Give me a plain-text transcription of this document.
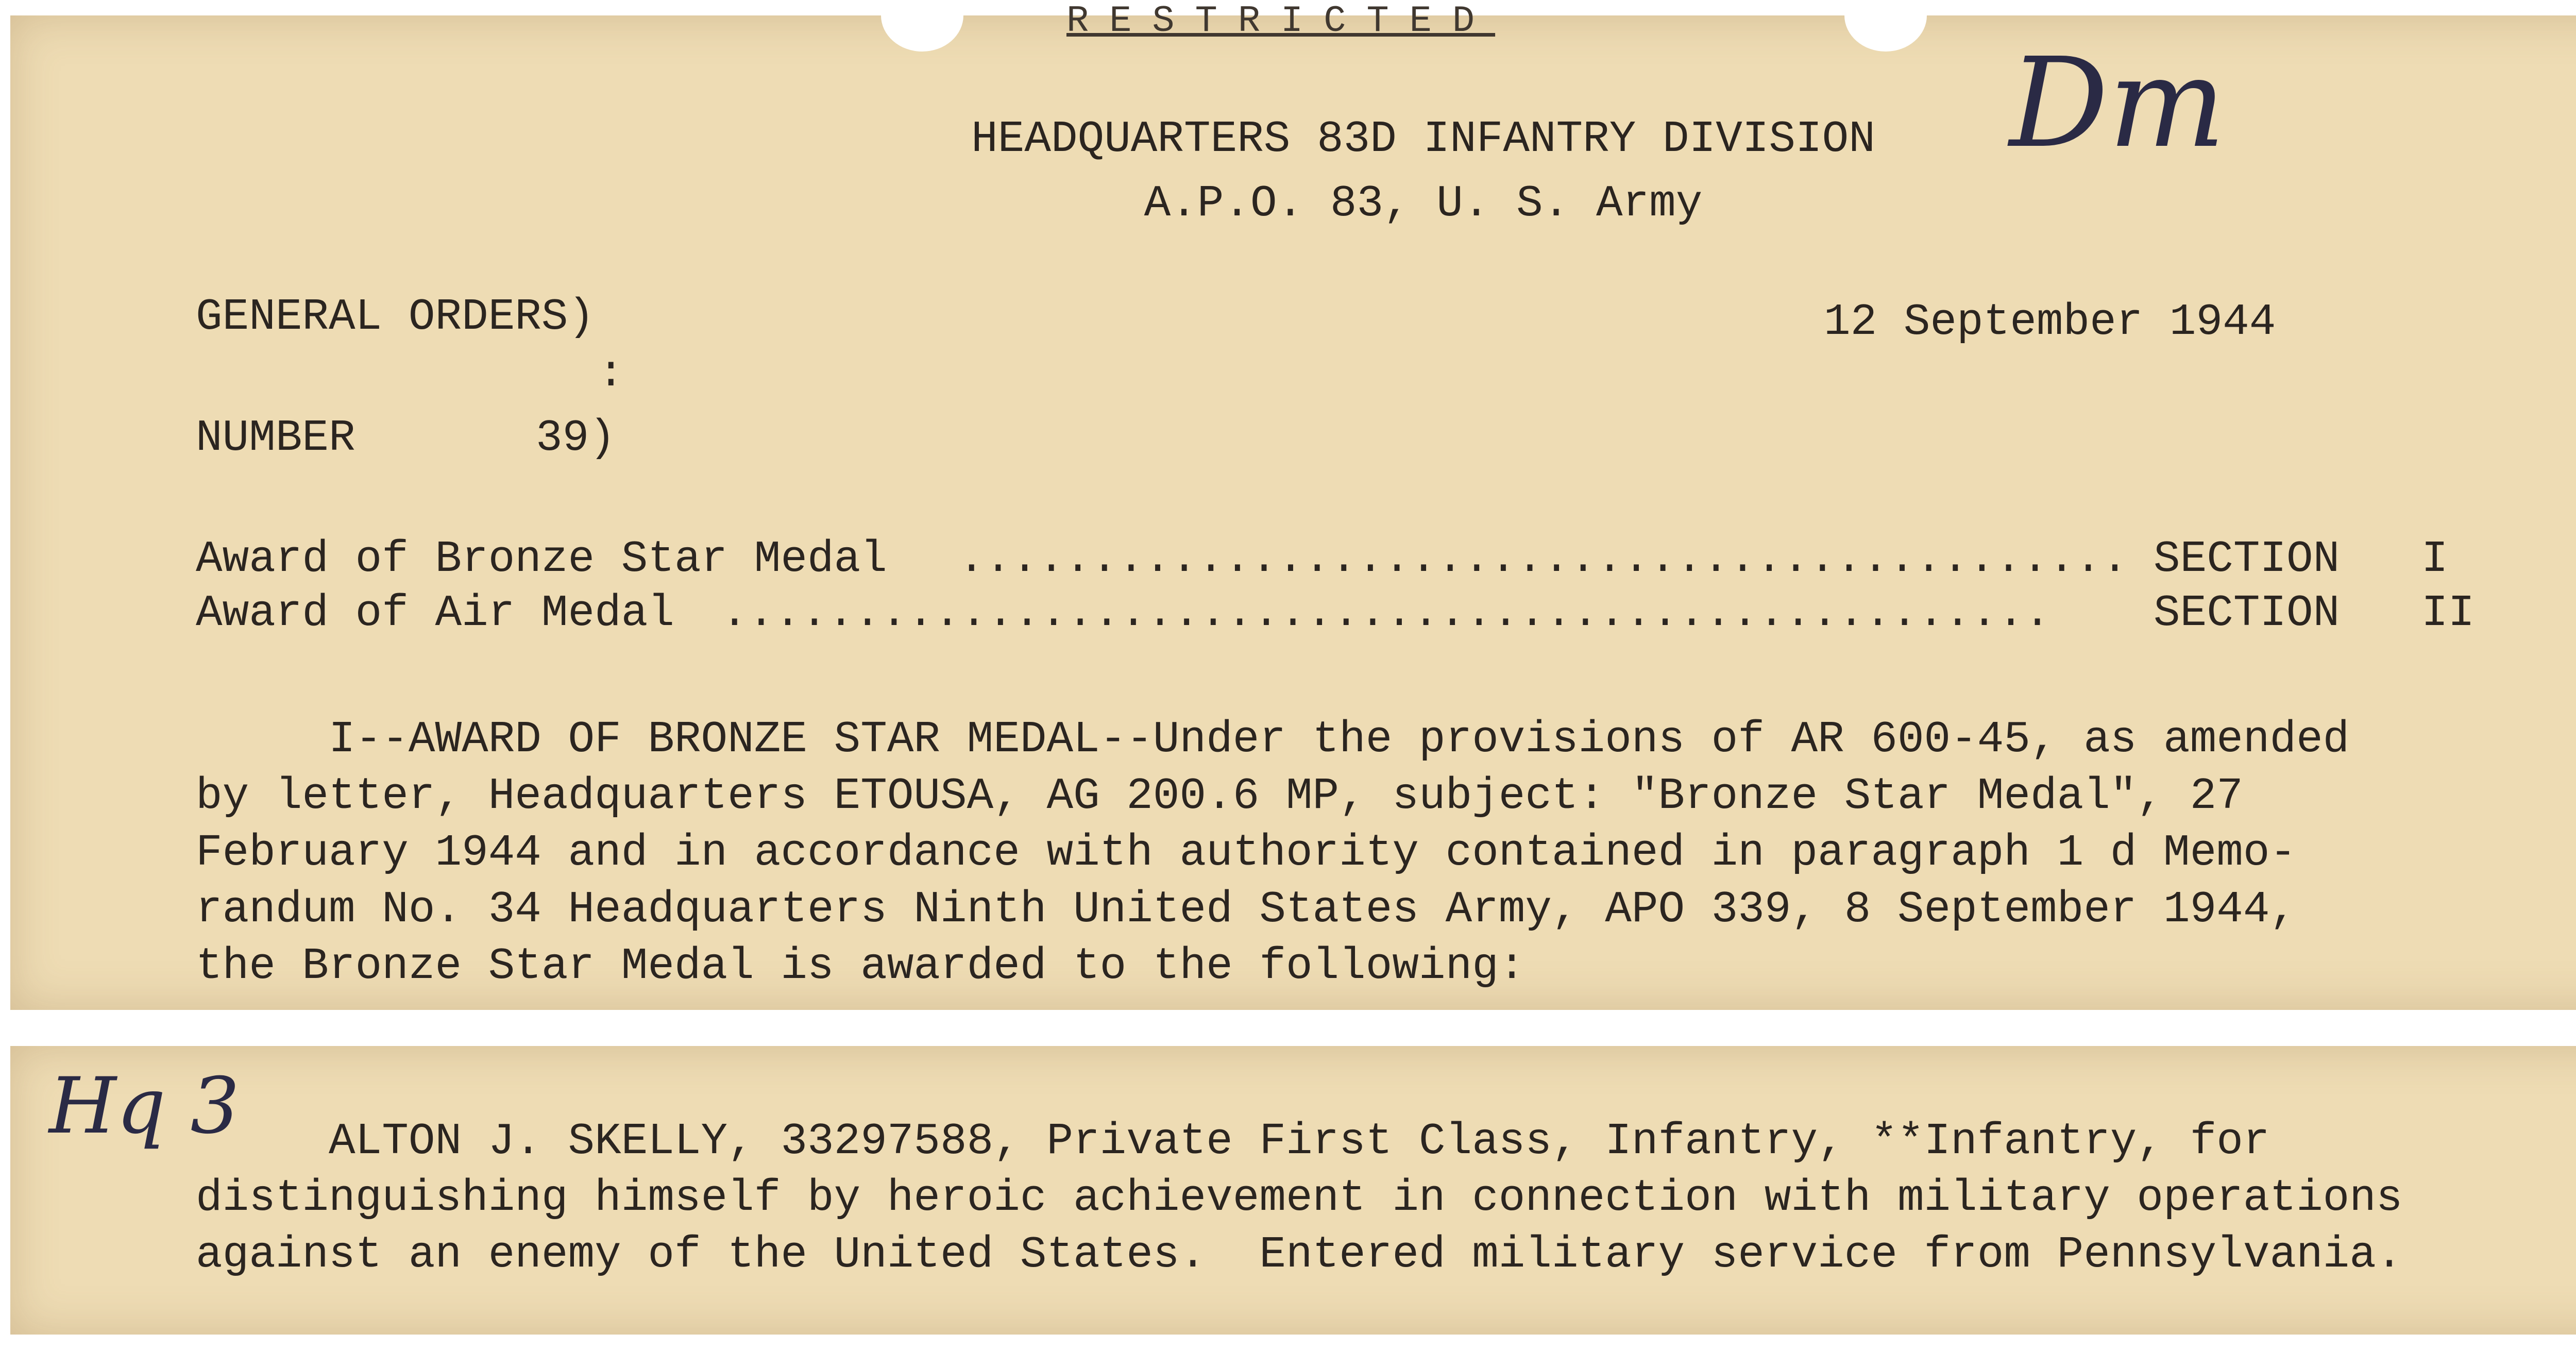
RESTRICTED
HEADQUARTERS 83D INFANTRY DIVISION
A.P.O. 83, U. S. Army
Dm
GENERAL ORDERS)
:
NUMBER	39)
12 September 1944
Award of Bronze Star Medal ............................................ SECTION I
Award of Air Medal .................................................. SECTION II
I--AWARD OF BRONZE STAR MEDAL--Under the provisions of AR 600-45, as amended
by letter, Headquarters ETOUSA, AG 200.6 MP, subject: "Bronze Star Medal", 27
February 1944 and in accordance with authority contained in paragraph 1 d Memo-
randum No. 34 Headquarters Ninth United States Army, APO 339, 8 September 1944,
the Bronze Star Medal is awarded to the following:
Hq 3
ALTON J. SKELLY, 33297588, Private First Class, Infantry, **Infantry, for
distinguishing himself by heroic achievement in connection with military operations
against an enemy of the United States.  Entered military service from Pennsylvania.
